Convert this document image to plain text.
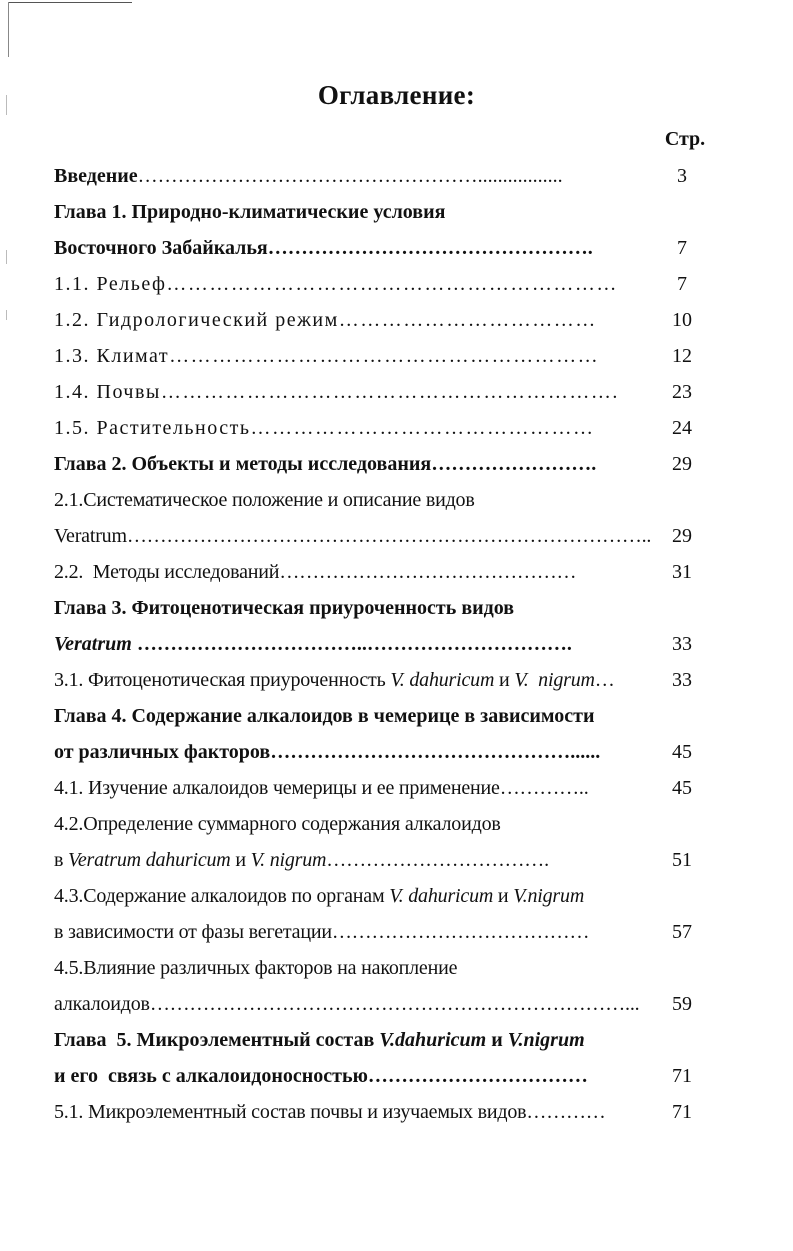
Оглавление:
Стр.
Введение…………………………………………….................	3
Глава 1. Природно-климатические условия
Восточного Забайкалья………………………………………….	7
1.1. Рельеф………………………………………………………	7
1.2. Гидрологический режим………………………………	10
1.3. Климат……………………………………………………	12
1.4. Почвы……………………………………………………….	23
1.5. Растительность…………………………………………	24
Глава 2. Объекты и методы исследования…………………….	29
2.1.Систематическое положение и описание видов
Veratrum……………………………………………………………………..	29
2.2.  Методы исследований………………………………………	31
Глава 3. Фитоценотическая приуроченность видов
Veratrum ……………………………..………………………….	33
3.1. Фитоценотическая приуроченность V. dahuricum и V.  nigrum…	33
Глава 4. Содержание алкалоидов в чемерице в зависимости
от различных факторов………………………………………......	45
4.1. Изучение алкалоидов чемерицы и ее применение…………..	45
4.2.Определение суммарного содержания алкалоидов
в Veratrum dahuricum и V. nigrum…………………………….	51
4.3.Содержание алкалоидов по органам V. dahuricum и V.nigrum
в зависимости от фазы вегетации…………………………………	57
4.5.Влияние различных факторов на накопление
алкалоидов………………………………………………………………...	59
Глава  5. Микроэлементный состав V.dahuricum и V.nigrum
и его  связь с алкалоидоносностью……………………………	71
5.1. Микроэлементный состав почвы и изучаемых видов…………	71
